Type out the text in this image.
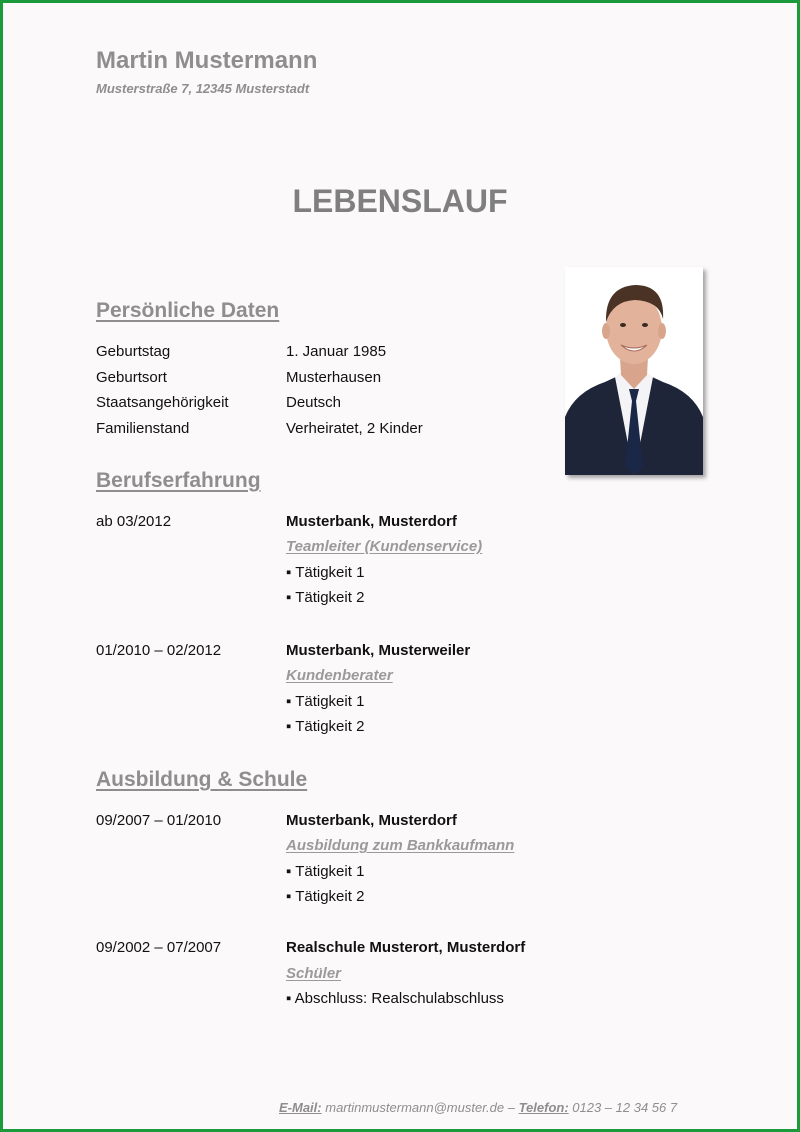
Martin Mustermann
Musterstraße 7, 12345 Musterstadt
LEBENSLAUF
Persönliche Daten
Geburtstag	1. Januar 1985
Geburtsort	Musterhausen
Staatsangehörigkeit	Deutsch
Familienstand	Verheiratet, 2 Kinder
Berufserfahrung
ab 03/2012	Musterbank, Musterdorf
Teamleiter (Kundenservice)
▪ Tätigkeit 1
▪ Tätigkeit 2
01/2010 – 02/2012	Musterbank, Musterweiler
Kundenberater
▪ Tätigkeit 1
▪ Tätigkeit 2
Ausbildung & Schule
09/2007 – 01/2010	Musterbank, Musterdorf
Ausbildung zum Bankkaufmann
▪ Tätigkeit 1
▪ Tätigkeit 2
09/2002 – 07/2007	Realschule Musterort, Musterdorf
Schüler
▪ Abschluss: Realschulabschluss
E-Mail: martinmustermann@muster.de – Telefon: 0123 – 12 34 56 7
